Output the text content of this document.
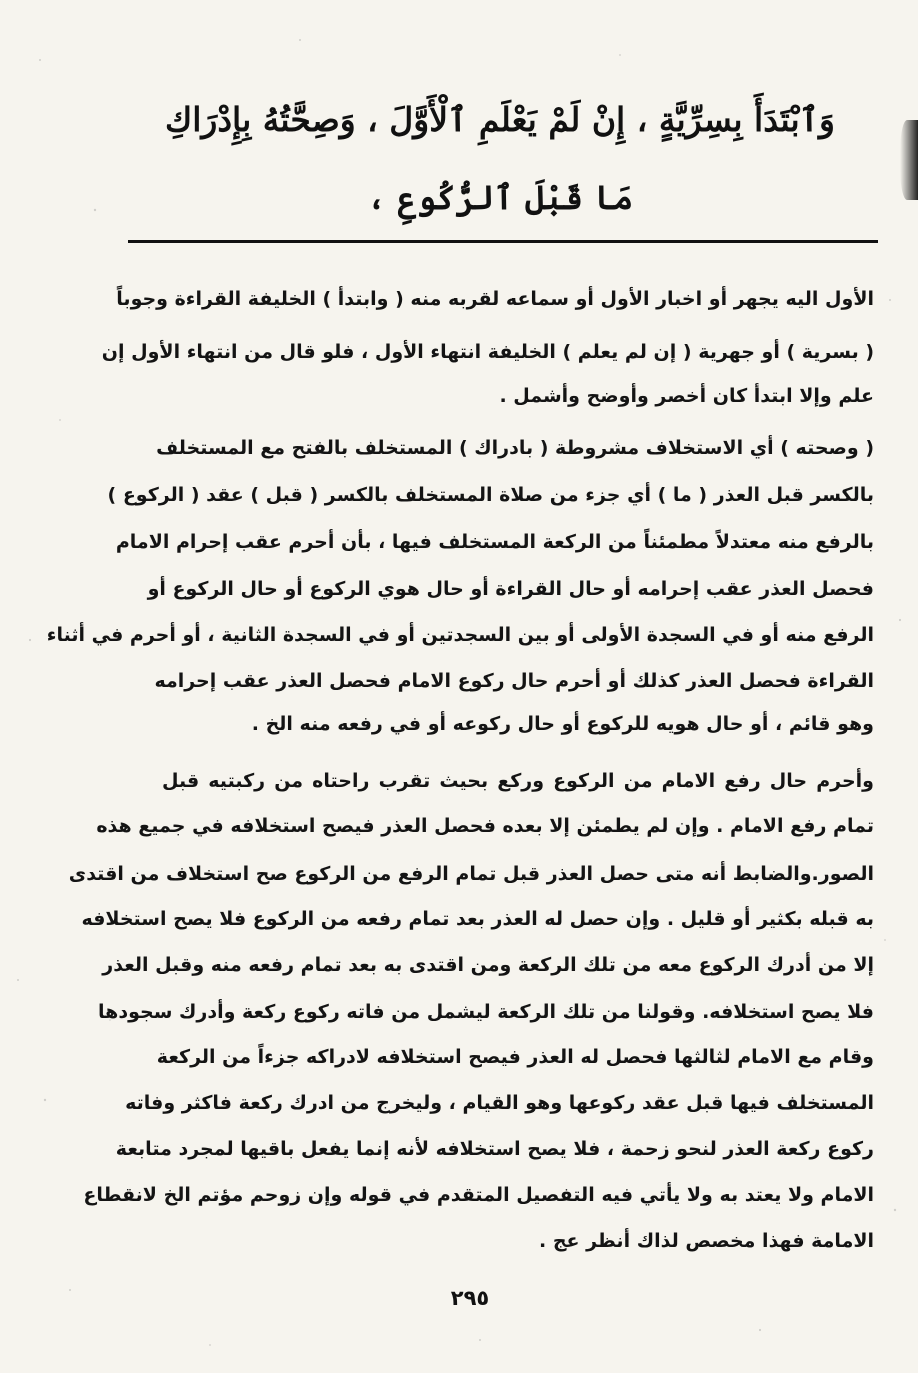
وَٱبْتَدَأَ بِسِرِّيَّةٍ ، إِنْ لَمْ يَعْلَمِ ٱلْأَوَّلَ ، وَصِحَّتُهُ بِإِدْرَاكِ
مَا قَبْلَ ٱلرُّكُوعِ ،
الأول اليه يجهر أو اخبار الأول أو سماعه لقربه منه ( وابتدأ ) الخليفة القراءة وجوباً
( بسرية ) أو جهرية ( إن لم يعلم ) الخليفة انتهاء الأول ، فلو قال من انتهاء الأول إن
علم وإلا ابتدأ كان أخصر وأوضح وأشمل .
( وصحته ) أي الاستخلاف مشروطة ( بادراك ) المستخلف بالفتح مع المستخلف
بالكسر قبل العذر ( ما ) أي جزء من صلاة المستخلف بالكسر ( قبل ) عقد ( الركوع )
بالرفع منه معتدلاً مطمئناً من الركعة المستخلف فيها ، بأن أحرم عقب إحرام الامام
فحصل العذر عقب إحرامه أو حال القراءة أو حال هوي الركوع أو حال الركوع أو
الرفع منه أو في السجدة الأولى أو بين السجدتين أو في السجدة الثانية ، أو أحرم في أثناء
القراءة فحصل العذر كذلك أو أحرم حال ركوع الامام فحصل العذر عقب إحرامه
وهو قائم ، أو حال هويه للركوع أو حال ركوعه أو في رفعه منه الخ .
وأحرم حال رفع الامام من الركوع وركع بحيث تقرب راحتاه من ركبتيه قبل
تمام رفع الامام . وإن لم يطمئن إلا بعده فحصل العذر فيصح استخلافه في جميع هذه
الصور.والضابط أنه متى حصل العذر قبل تمام الرفع من الركوع صح استخلاف من اقتدى
به قبله بكثير أو قليل . وإن حصل له العذر بعد تمام رفعه من الركوع فلا يصح استخلافه
إلا من أدرك الركوع معه من تلك الركعة ومن اقتدى به بعد تمام رفعه منه وقبل العذر
فلا يصح استخلافه. وقولنا من تلك الركعة ليشمل من فاته ركوع ركعة وأدرك سجودها
وقام مع الامام لثالثها فحصل له العذر فيصح استخلافه لادراكه جزءاً من الركعة
المستخلف فيها قبل عقد ركوعها وهو القيام ، وليخرج من ادرك ركعة فاكثر وفاته
ركوع ركعة العذر لنحو زحمة ، فلا يصح استخلافه لأنه إنما يفعل باقيها لمجرد متابعة
الامام ولا يعتد به ولا يأتي فيه التفصيل المتقدم في قوله وإن زوحم مؤتم الخ لانقطاع
الامامة فهذا مخصص لذاك أنظر عج .
٢٩٥
